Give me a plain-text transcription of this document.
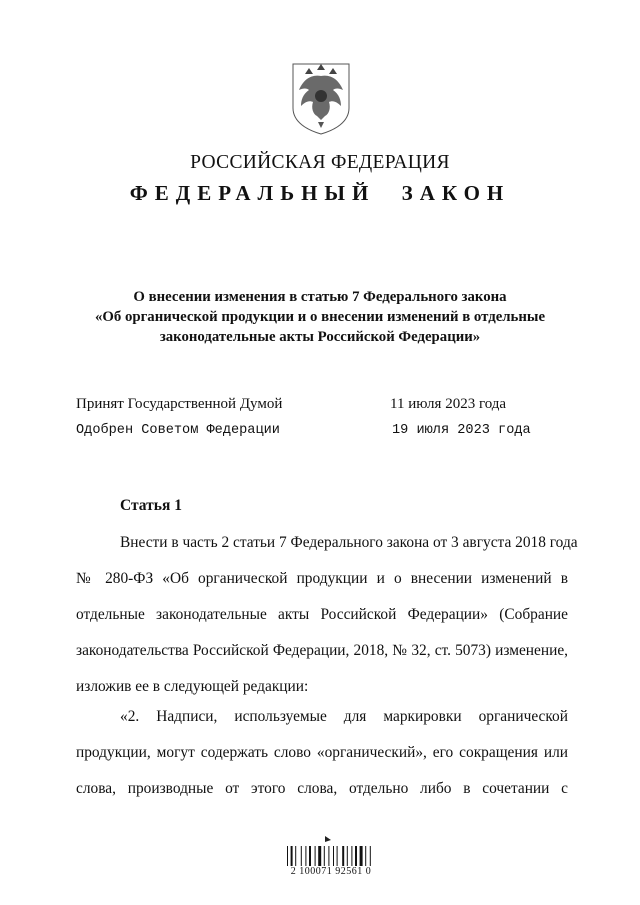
РОССИЙСКАЯ ФЕДЕРАЦИЯ
ФЕДЕРАЛЬНЫЙ ЗАКОН
О внесении изменения в статью 7 Федерального закона
«Об органической продукции и о внесении изменений в отдельные
законодательные акты Российской Федерации»
Принят Государственной Думой	11 июля 2023 года
Одобрен Советом Федерации	19 июля 2023 года
Статья 1
Внести в часть 2 статьи 7 Федерального закона от 3 августа 2018 года
№ 280-ФЗ «Об органической продукции и о внесении изменений в
отдельные законодательные акты Российской Федерации» (Собрание
законодательства Российской Федерации, 2018, № 32, ст. 5073) изменение,
изложив ее в следующей редакции:
«2. Надписи, используемые для маркировки органической
продукции, могут содержать слово «органический», его сокращения или
слова, производные от этого слова, отдельно либо в сочетании с
2 100071 92561 0
